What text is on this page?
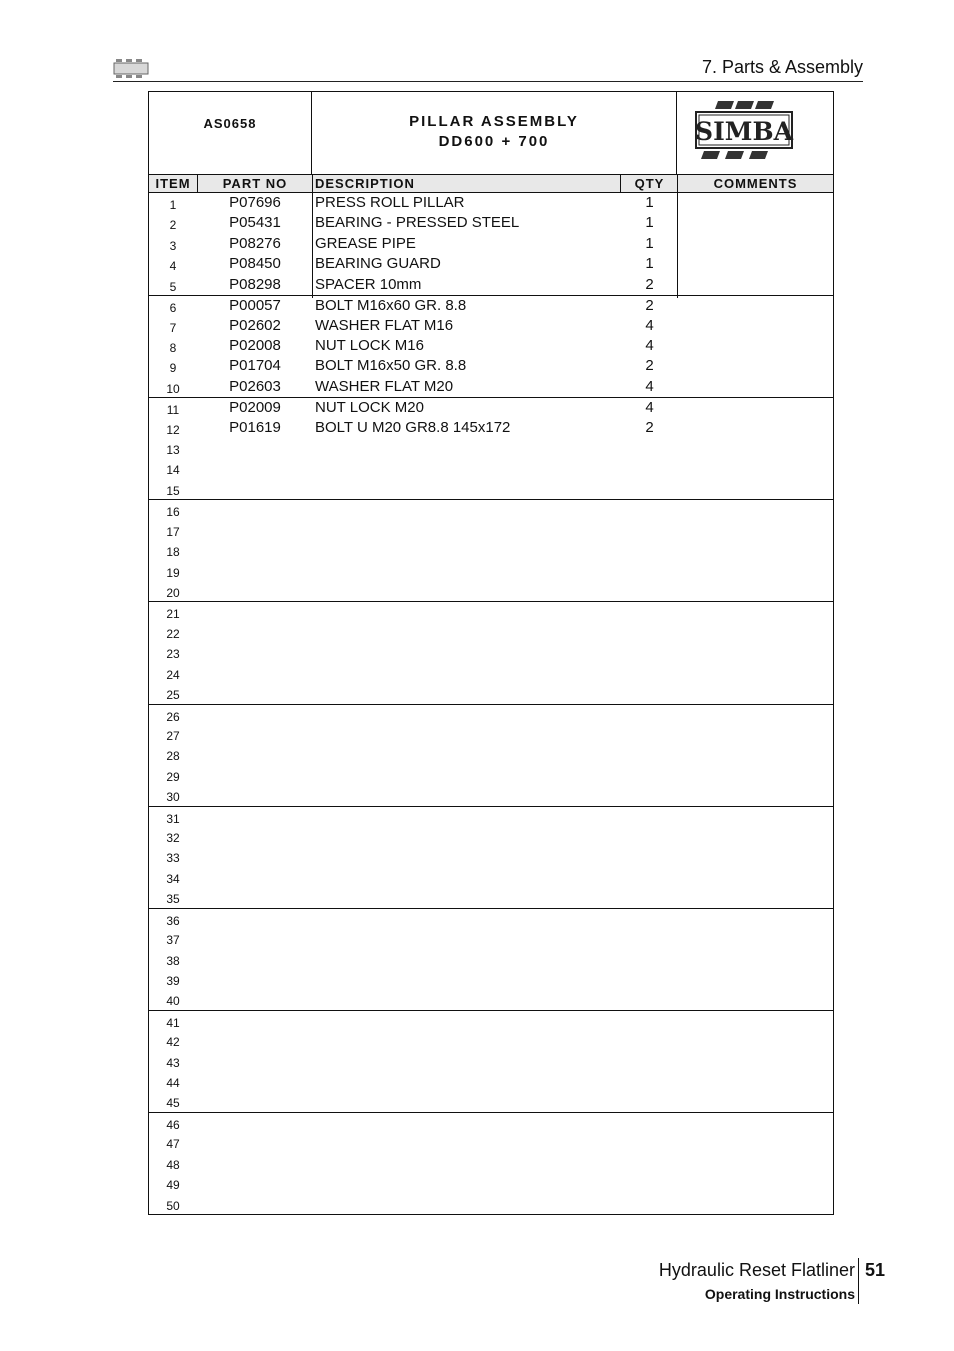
7. Parts & Assembly
AS0658	PILLAR ASSEMBLY
DD600 + 700	SIMBA
ITEM	PART NO	DESCRIPTION	QTY	COMMENTS
1	P07696	PRESS ROLL PILLAR	1
2	P05431	BEARING - PRESSED STEEL	1
3	P08276	GREASE PIPE	1
4	P08450	BEARING GUARD	1
5	P08298	SPACER 10mm	2
6	P00057	BOLT M16x60 GR. 8.8	2
7	P02602	WASHER FLAT M16	4
8	P02008	NUT LOCK M16	4
9	P01704	BOLT M16x50 GR. 8.8	2
10	P02603	WASHER FLAT M20	4
11	P02009	NUT LOCK M20	4
12	P01619	BOLT U M20 GR8.8 145x172	2
13
14
15
16
17
18
19
20
21
22
23
24
25
26
27
28
29
30
31
32
33
34
35
36
37
38
39
40
41
42
43
44
45
46
47
48
49
50
Hydraulic Reset Flatliner
Operating Instructions
51
